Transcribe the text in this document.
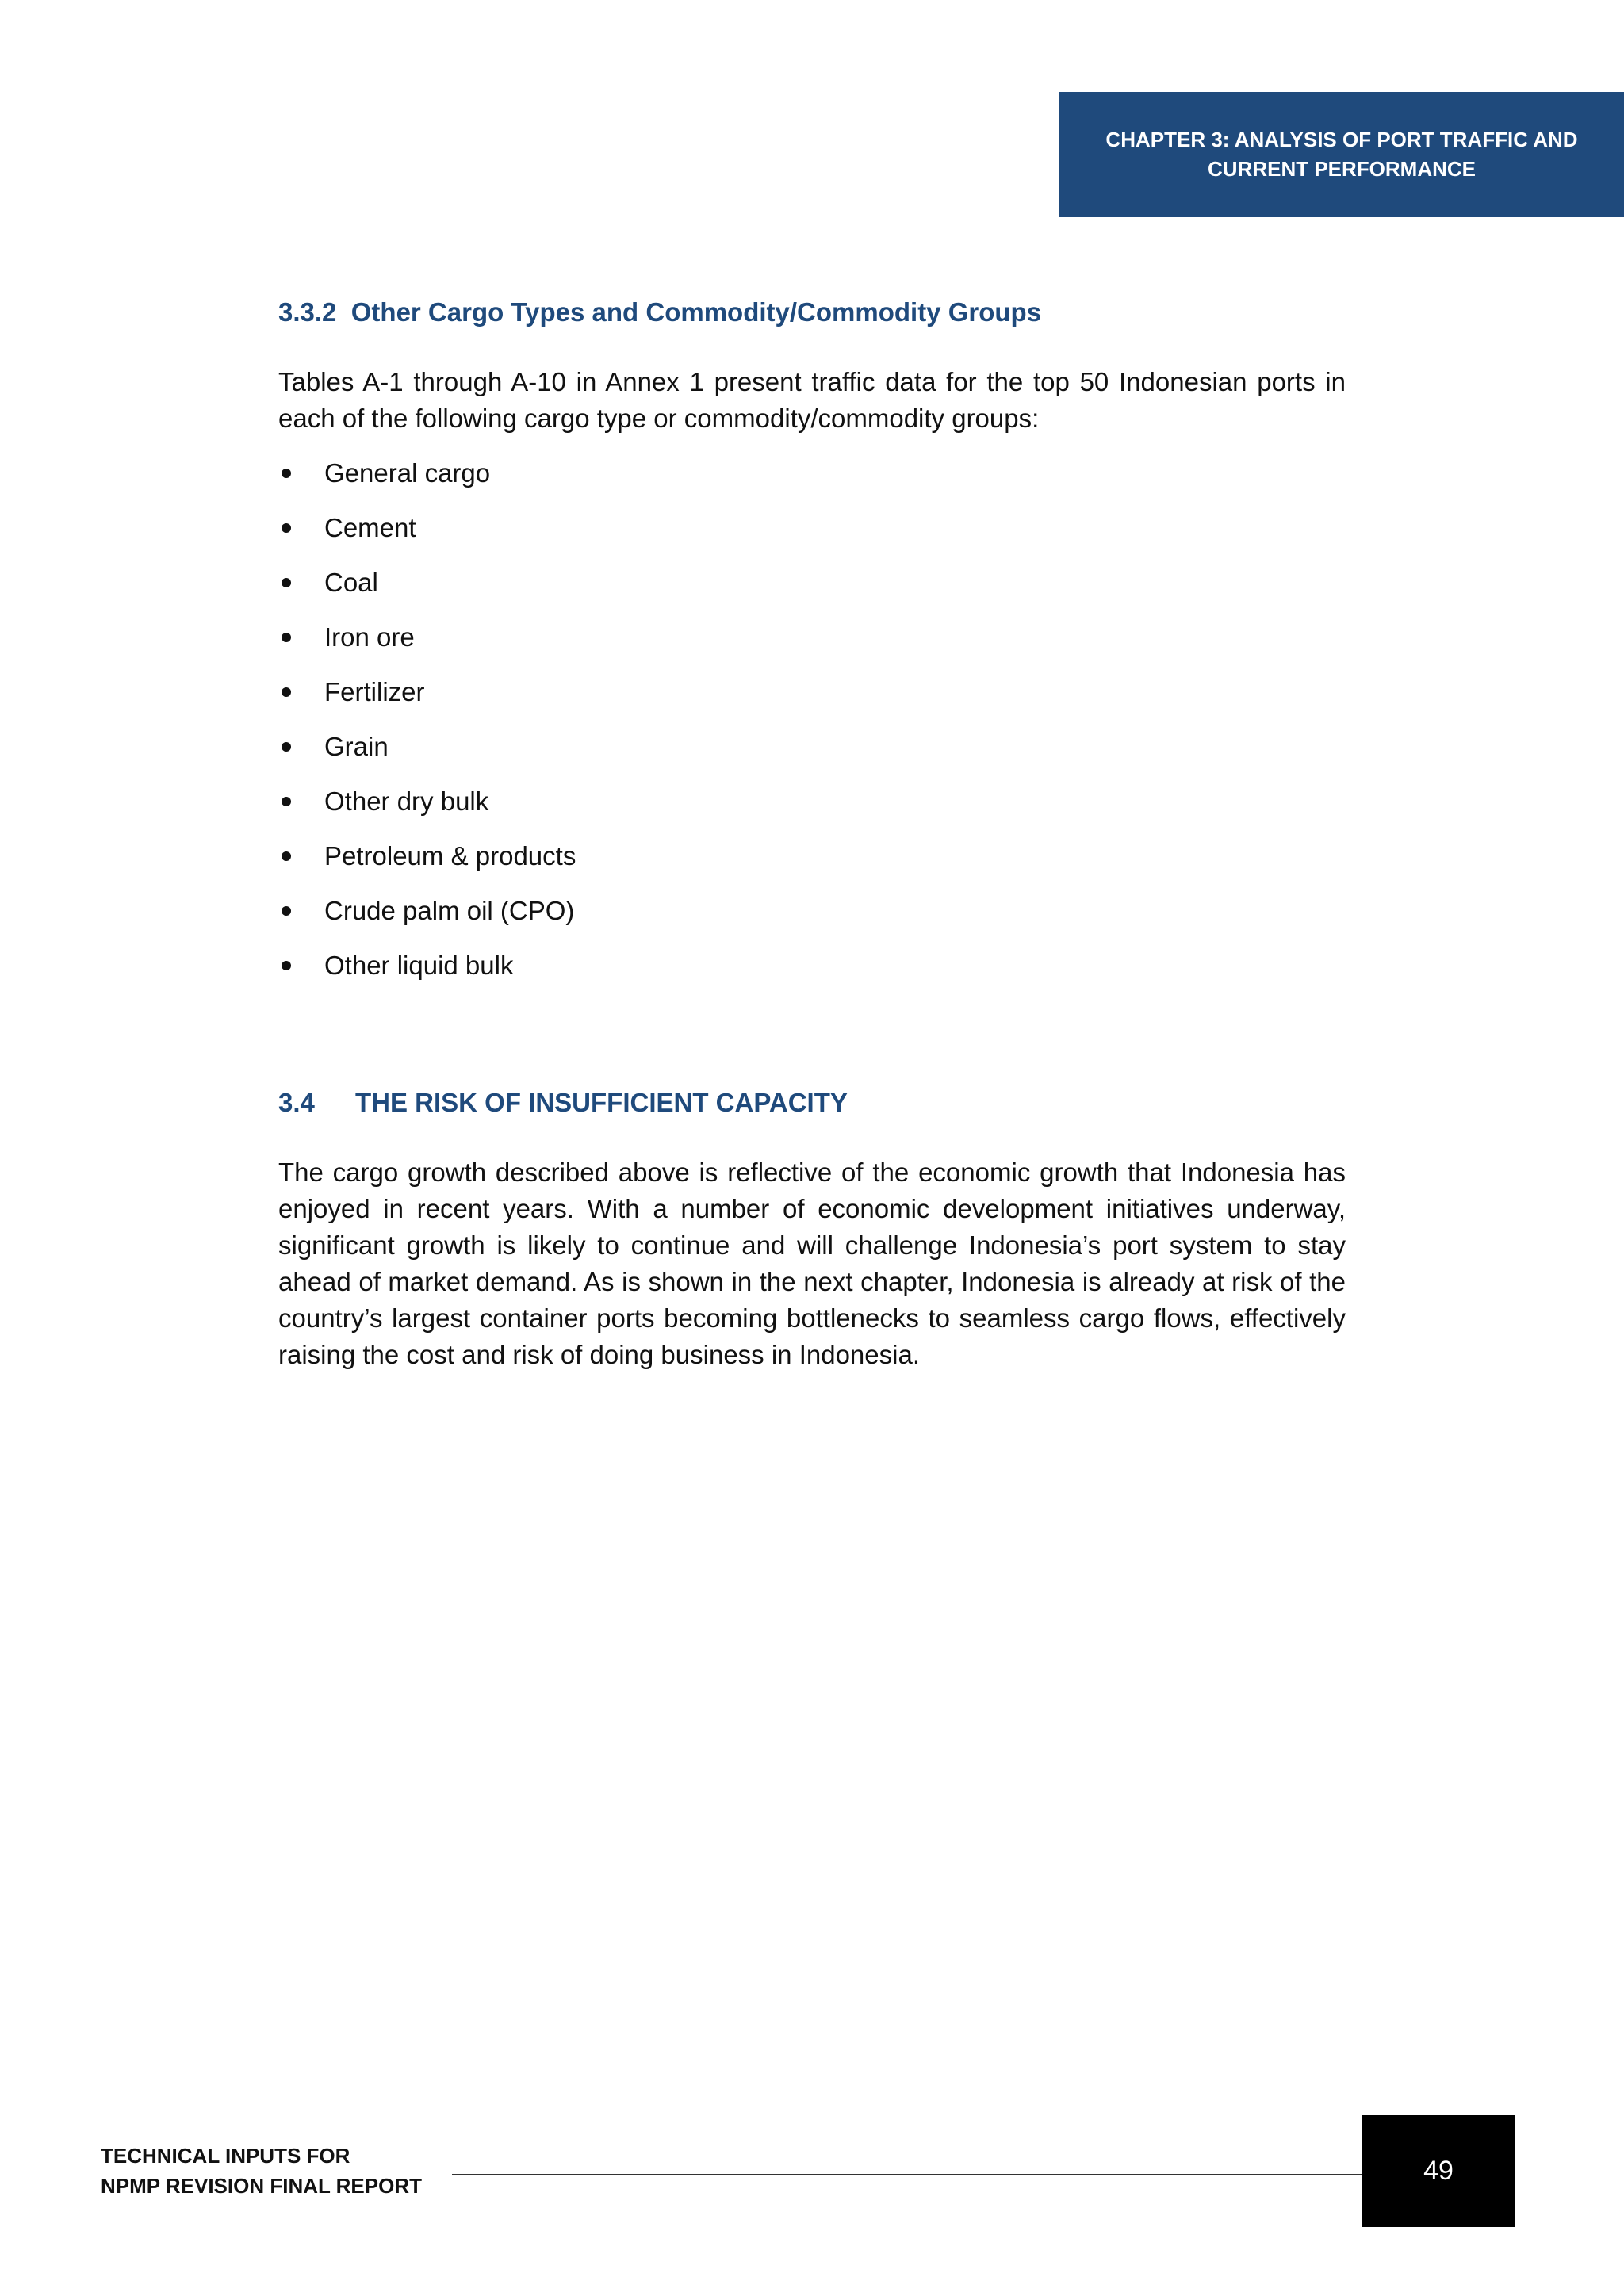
CHAPTER 3: ANALYSIS OF PORT TRAFFIC AND
CURRENT PERFORMANCE
3.3.2 Other Cargo Types and Commodity/Commodity Groups

Tables A-1 through A-10 in Annex 1 present traffic data for the top 50 Indonesian ports in each of the following cargo type or commodity/commodity groups:

General cargo
Cement
Coal
Iron ore
Fertilizer
Grain
Other dry bulk
Petroleum & products
Crude palm oil (CPO)
Other liquid bulk
3.4 THE RISK OF INSUFFICIENT CAPACITY

The cargo growth described above is reflective of the economic growth that Indonesia has enjoyed in recent years. With a number of economic development initiatives underway, significant growth is likely to continue and will challenge Indonesia’s port system to stay ahead of market demand. As is shown in the next chapter, Indonesia is already at risk of the country’s largest container ports becoming bottlenecks to seamless cargo flows, effectively raising the cost and risk of doing business in Indonesia.

TECHNICAL INPUTS FOR
NPMP REVISION FINAL REPORT	49
